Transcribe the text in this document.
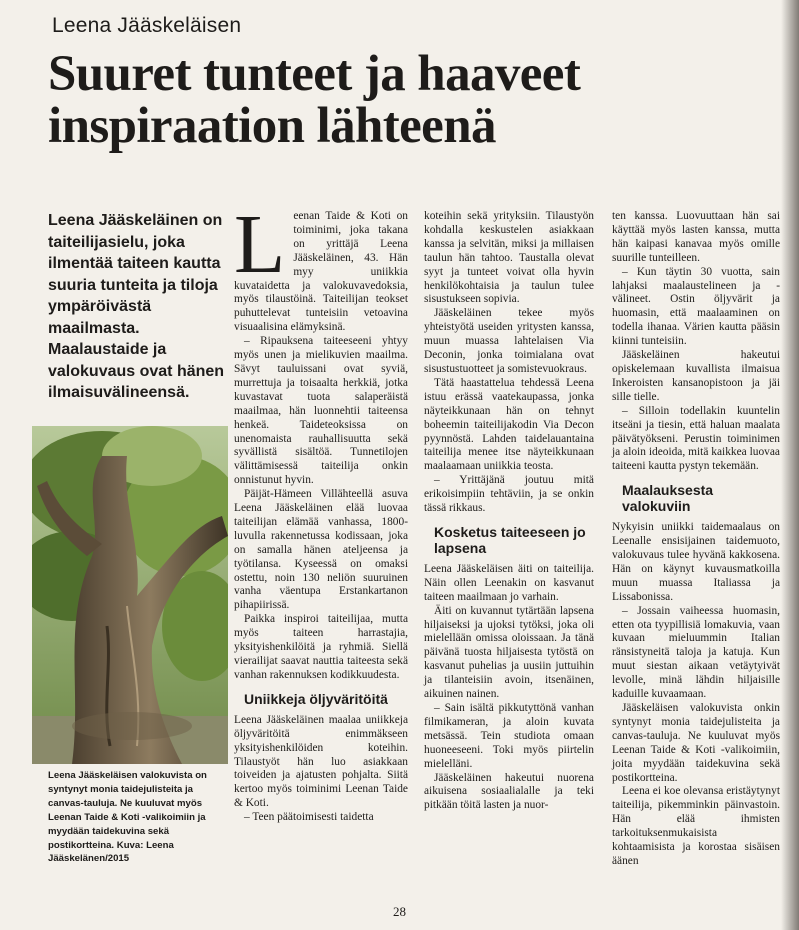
Leena Jääskeläisen
Suuret tunteet ja haaveet inspiraation lähteenä

Leena Jääskeläinen on taiteilijasielu, joka ilmentää taiteen kautta suuria tunteita ja tiloja ympäröivästä maailmasta. Maalaustaide ja valokuvaus ovat hänen ilmaisuvälineensä.

Leena Jääskeläisen valokuvista on syntynyt monia taidejulisteita ja canvas-tauluja. Ne kuuluvat myös Leenan Taide & Koti -valikoimiin ja myydään taidekuvina sekä postikortteina. Kuva: Leena Jääskelänen/2015

L eenan Taide & Koti on toiminimi, joka takana on yrittäjä Leena Jääskeläinen, 43. Hän myy uniikkia kuvataidetta ja valokuvavedoksia, myös tilaustöinä. Taiteilijan teokset puhuttelevat tunteisiin vetoavina visuaalisina elämyksinä.

– Ripauksena taiteeseeni yhtyy myös unen ja mielikuvien maailma. Sävyt tauluissani ovat syviä, murrettuja ja toisaalta herkkiä, jotka kuvastavat tuota salaperäistä maailmaa, hän luonnehtii taiteensa henkeä. Taideteoksissa on unenomaista rauhallisuutta sekä syvällistä sisältöä. Tunnetilojen välittämisessä taiteilija onkin onnistunut hyvin.

Päijät-Hämeen Villähteellä asuva Leena Jääskeläinen elää luovaa taiteilijan elämää vanhassa, 1800-luvulla rakennetussa kodissaan, joka on samalla hänen ateljeensa ja työtilansa. Kyseessä on omaksi ostettu, noin 130 neliön suuruinen vanha väentupa Erstankartanon pihapiirissä.

Paikka inspiroi taiteilijaa, mutta myös taiteen harrastajia, yksityishenkilöitä ja ryhmiä. Siellä vierailijat saavat nauttia taiteesta sekä vanhan rakennuksen kodikkuudesta.

Uniikkeja öljyväritöitä

Leena Jääskeläinen maalaa uniikkeja öljyväritöitä enimmäkseen yksityishenkilöiden koteihin. Tilaustyöt hän luo asiakkaan toiveiden ja ajatusten pohjalta. Siitä kertoo myös toiminimi Leenan Taide & Koti.

– Teen päätoimisesti taidetta

koteihin sekä yrityksiin. Tilaustyön kohdalla keskustelen asiakkaan kanssa ja selvitän, miksi ja millaisen taulun hän tahtoo. Taustalla olevat syyt ja tunteet voivat olla hyvin henkilökohtaisia ja taulun tulee sisustukseen sopivia.

Jääskeläinen tekee myös yhteistyötä useiden yritysten kanssa, muun muassa lahtelaisen Via Deconin, jonka toimialana ovat sisustustuotteet ja somistevuokraus.

Tätä haastattelua tehdessä Leena istuu erässä vaatekaupassa, jonka näyteikkunaan hän on tehnyt boheemin taiteilijakodin Via Decon pyynnöstä. Lahden taidelauantaina taiteilija menee itse näyteikkunaan maalaamaan uniikkia teosta.

– Yrittäjänä joutuu mitä erikoisimpiin tehtäviin, ja se onkin tässä rikkaus.

Kosketus taiteeseen jo lapsena

Leena Jääskeläisen äiti on taiteilija. Näin ollen Leenakin on kasvanut taiteen maailmaan jo varhain.

Äiti on kuvannut tytärtään lapsena hiljaiseksi ja ujoksi tytöksi, joka oli mielellään omissa oloissaan. Ja tänä päivänä tuosta hiljaisesta tytöstä on kasvanut puhelias ja uusiin juttuihin ja tilanteisiin avoin, itsenäinen, aikuinen nainen.

– Sain isältä pikkutyttönä vanhan filmikameran, ja aloin kuvata metsässä. Tein studiota omaan huoneeseeni. Toki myös piirtelin mielelläni.

Jääskeläinen hakeutui nuorena aikuisena sosiaalialalle ja teki pitkään töitä lasten ja nuor-

ten kanssa. Luovuuttaan hän sai käyttää myös lasten kanssa, mutta hän kaipasi kanavaa myös omille suurille tunteilleen.

– Kun täytin 30 vuotta, sain lahjaksi maalaustelineen ja -välineet. Ostin öljyvärit ja huomasin, että maalaaminen on todella ihanaa. Värien kautta pääsin kiinni tunteisiin.

Jääskeläinen hakeutui opiskelemaan kuvallista ilmaisua Inkeroisten kansanopistoon ja jäi sille tielle.

– Silloin todellakin kuuntelin itseäni ja tiesin, että haluan maalata päivätyökseni. Perustin toiminimen ja aloin ideoida, mitä kaikkea luovaa taiteeni kautta pystyn tekemään.

Maalauksesta valokuviin

Nykyisin uniikki taidemaalaus on Leenalle ensisijainen taidemuoto, valokuvaus tulee hyvänä kakkosena. Hän on käynyt kuvausmatkoilla muun muassa Italiassa ja Lissabonissa.

– Jossain vaiheessa huomasin, etten ota tyypillisiä lomakuvia, vaan kuvaan mieluummin Italian ränsistyneitä taloja ja katuja. Kun muut siestan aikaan vetäytyivät levolle, minä lähdin hiljaisille kaduille kuvaamaan.

Jääskeläisen valokuvista onkin syntynyt monia taidejulisteita ja canvas-tauluja. Ne kuuluvat myös Leenan Taide & Koti -valikoimiin, joita myydään taidekuvina sekä postikortteina.

Leena ei koe olevansa eristäytynyt taiteilija, pikemminkin päinvastoin. Hän elää ihmisten tarkoituksenmukaisista kohtaamisista ja korostaa sisäisen äänen

28
